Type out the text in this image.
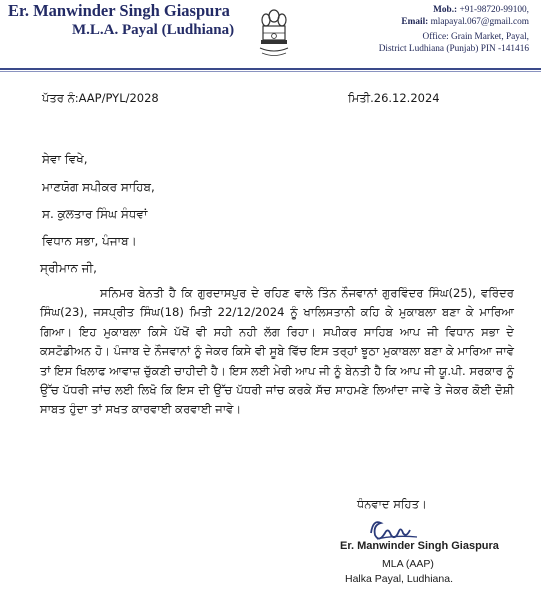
Er. Manwinder Singh Giaspura
M.L.A. Payal (Ludhiana)
Mob.: +91-98720-99100,
Email: mlapayal.067@gmail.com
Office: Grain Market, Payal,
District Ludhiana (Punjab) PIN -141416
ਪੱਤਰ ਨੰ:AAP/PYL/2028	ਮਿਤੀ.26.12.2024
ਸੇਵਾ ਵਿਖੇ,
ਮਾਣਯੋਗ ਸਪੀਕਰ ਸਾਹਿਬ,
ਸ. ਕੁਲਤਾਰ ਸਿੰਘ ਸੰਧਵਾਂ
ਵਿਧਾਨ ਸਭਾ, ਪੰਜਾਬ।
ਸ੍ਰੀਮਾਨ ਜੀ,
ਸਨਿਮਰ ਬੇਨਤੀ ਹੈ ਕਿ ਗੁਰਦਾਸਪੁਰ ਦੇ ਰਹਿਣ ਵਾਲੇ ਤਿੰਨ ਨੌਜਵਾਨਾਂ ਗੁਰਵਿੰਦਰ ਸਿੰਘ(25), ਵਰਿੰਦਰ ਸਿੰਘ(23), ਜਸਪ੍ਰੀਤ ਸਿੰਘ(18) ਮਿਤੀ 22/12/2024 ਨੂੰ ਖਾਲਿਸਤਾਨੀ ਕਹਿ ਕੇ ਮੁਕਾਬਲਾ ਬਣਾ ਕੇ ਮਾਰਿਆ ਗਿਆ। ਇਹ ਮੁਕਾਬਲਾ ਕਿਸੇ ਪੱਖੋਂ ਵੀ ਸਹੀ ਨਹੀ ਲੱਗ ਰਿਹਾ। ਸਪੀਕਰ ਸਾਹਿਬ ਆਪ ਜੀ ਵਿਧਾਨ ਸਭਾ ਦੇ ਕਸਟੋਡੀਅਨ ਹੋ। ਪੰਜਾਬ ਦੇ ਨੌਜਵਾਨਾਂ ਨੂੰ ਜੇਕਰ ਕਿਸੇ ਵੀ ਸੂਬੇ ਵਿੱਚ ਇਸ ਤਰ੍ਹਾਂ ਝੂਠਾ ਮੁਕਾਬਲਾ ਬਣਾ ਕੇ ਮਾਰਿਆ ਜਾਵੇ ਤਾਂ ਇਸ ਖਿਲਾਫ ਆਵਾਜ਼ ਚੁੱਕਣੀ ਚਾਹੀਦੀ ਹੈ। ਇਸ ਲਈ ਮੇਰੀ ਆਪ ਜੀ ਨੂੰ ਬੇਨਤੀ ਹੈ ਕਿ ਆਪ ਜੀ ਯੂ.ਪੀ. ਸਰਕਾਰ ਨੂੰ ਉੱਚ ਪੱਧਰੀ ਜਾਂਚ ਲਈ ਲਿਖੋ ਕਿ ਇਸ ਦੀ ਉੱਚ ਪੱਧਰੀ ਜਾਂਚ ਕਰਕੇ ਸੱਚ ਸਾਹਮਣੇ ਲਿਆਂਦਾ ਜਾਵੇ ਤੇ ਜੇਕਰ ਕੋਈ ਦੋਸ਼ੀ ਸਾਬਤ ਹੁੰਦਾ ਤਾਂ ਸਖਤ ਕਾਰਵਾਈ ਕਰਵਾਈ ਜਾਵੇ।
ਧੰਨਵਾਦ ਸਹਿਤ।
Er. Manwinder Singh Giaspura
MLA (AAP)
Halka Payal, Ludhiana.
